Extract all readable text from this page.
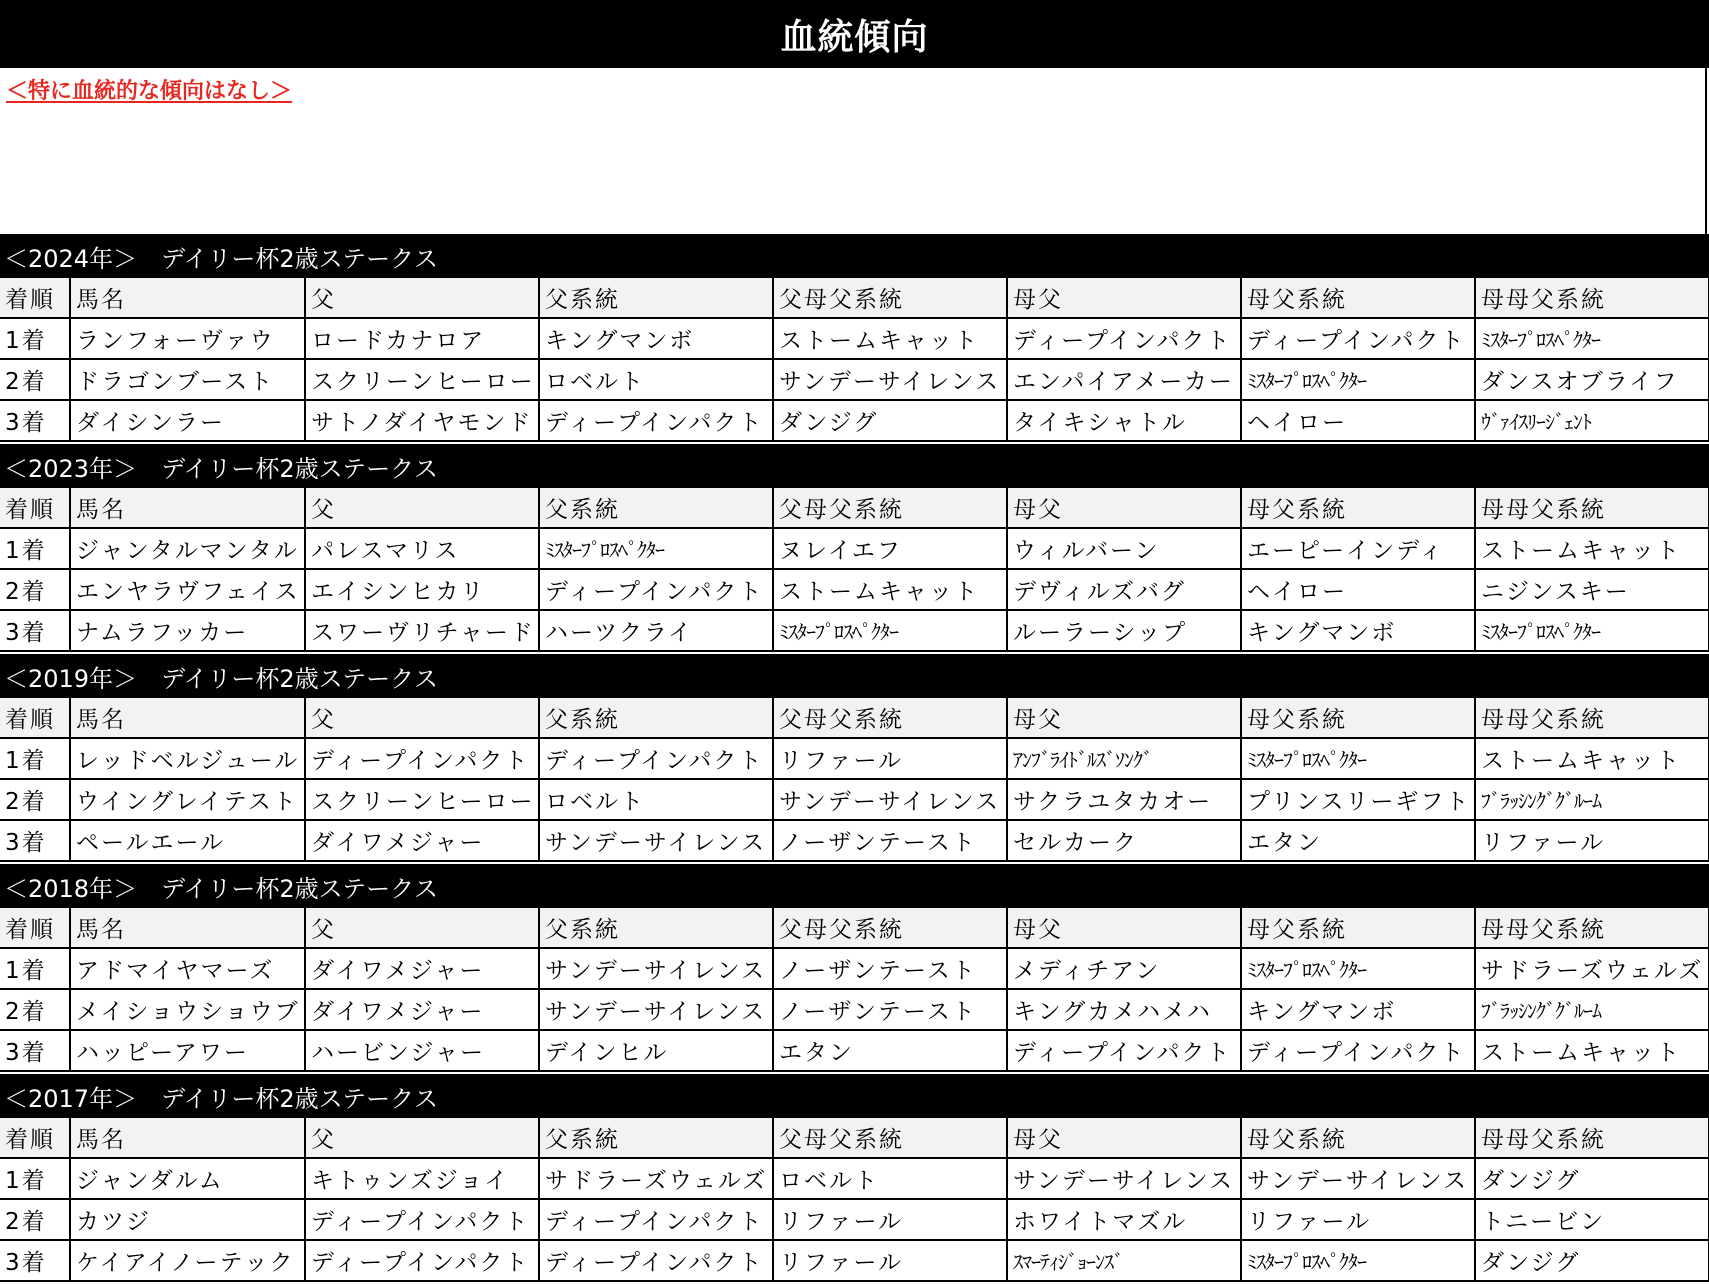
血統傾向
＜特に血統的な傾向はなし＞
＜2024年＞　デイリー杯2歳ステークス
着順	馬名	父	父系統	父母父系統	母父	母父系統	母母父系統
1着	ランフォーヴァウ	ロードカナロア	キングマンボ	ストームキャット	ディープインパクト	ディープインパクト	ﾐｽﾀｰﾌﾟﾛｽﾍﾟｸﾀｰ
2着	ドラゴンブースト	スクリーンヒーロー	ロベルト	サンデーサイレンス	エンパイアメーカー	ﾐｽﾀｰﾌﾟﾛｽﾍﾟｸﾀｰ	ダンスオブライフ
3着	ダイシンラー	サトノダイヤモンド	ディープインパクト	ダンジグ	タイキシャトル	ヘイロー	ｳﾞｧｲｽﾘｰｼﾞｪﾝﾄ
＜2023年＞　デイリー杯2歳ステークス
着順	馬名	父	父系統	父母父系統	母父	母父系統	母母父系統
1着	ジャンタルマンタル	パレスマリス	ﾐｽﾀｰﾌﾟﾛｽﾍﾟｸﾀｰ	ヌレイエフ	ウィルバーン	エーピーインディ	ストームキャット
2着	エンヤラヴフェイス	エイシンヒカリ	ディープインパクト	ストームキャット	デヴィルズバグ	ヘイロー	ニジンスキー
3着	ナムラフッカー	スワーヴリチャード	ハーツクライ	ﾐｽﾀｰﾌﾟﾛｽﾍﾟｸﾀｰ	ルーラーシップ	キングマンボ	ﾐｽﾀｰﾌﾟﾛｽﾍﾟｸﾀｰ
＜2019年＞　デイリー杯2歳ステークス
着順	馬名	父	父系統	父母父系統	母父	母父系統	母母父系統
1着	レッドベルジュール	ディープインパクト	ディープインパクト	リファール	ｱﾝﾌﾞﾗｲﾄﾞﾙｽﾞｿﾝｸﾞ	ﾐｽﾀｰﾌﾟﾛｽﾍﾟｸﾀｰ	ストームキャット
2着	ウイングレイテスト	スクリーンヒーロー	ロベルト	サンデーサイレンス	サクラユタカオー	プリンスリーギフト	ﾌﾞﾗｯｼﾝｸﾞｸﾞﾙｰﾑ
3着	ペールエール	ダイワメジャー	サンデーサイレンス	ノーザンテースト	セルカーク	エタン	リファール
＜2018年＞　デイリー杯2歳ステークス
着順	馬名	父	父系統	父母父系統	母父	母父系統	母母父系統
1着	アドマイヤマーズ	ダイワメジャー	サンデーサイレンス	ノーザンテースト	メディチアン	ﾐｽﾀｰﾌﾟﾛｽﾍﾟｸﾀｰ	サドラーズウェルズ
2着	メイショウショウブ	ダイワメジャー	サンデーサイレンス	ノーザンテースト	キングカメハメハ	キングマンボ	ﾌﾞﾗｯｼﾝｸﾞｸﾞﾙｰﾑ
3着	ハッピーアワー	ハービンジャー	デインヒル	エタン	ディープインパクト	ディープインパクト	ストームキャット
＜2017年＞　デイリー杯2歳ステークス
着順	馬名	父	父系統	父母父系統	母父	母父系統	母母父系統
1着	ジャンダルム	キトゥンズジョイ	サドラーズウェルズ	ロベルト	サンデーサイレンス	サンデーサイレンス	ダンジグ
2着	カツジ	ディープインパクト	ディープインパクト	リファール	ホワイトマズル	リファール	トニービン
3着	ケイアイノーテック	ディープインパクト	ディープインパクト	リファール	ｽﾏｰﾃｨｼﾞｮｰﾝｽﾞ	ﾐｽﾀｰﾌﾟﾛｽﾍﾟｸﾀｰ	ダンジグ
